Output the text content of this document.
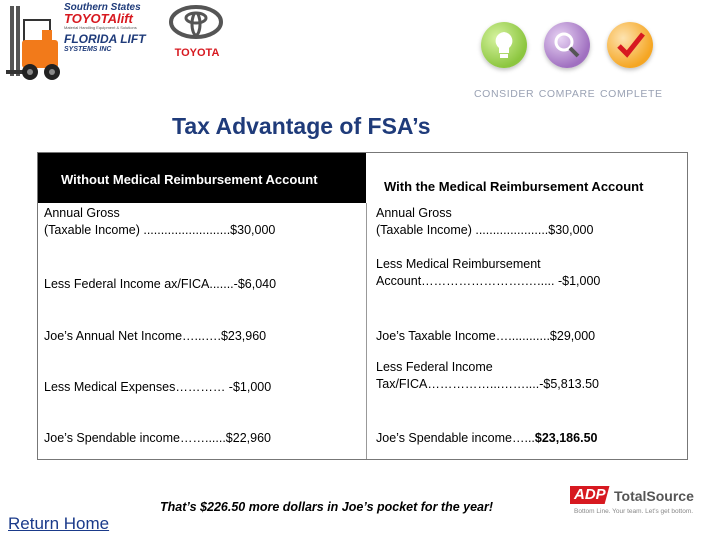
Southern States
TOYOTAlift
Material Handling Equipment & Solutions
FLORIDA LIFT
SYSTEMS INC	TOYOTA
CONSIDER COMPARE COMPLETE
Tax Advantage of FSA’s
Without Medical Reimbursement Account	With the Medical Reimbursement Account
Annual Gross
(Taxable Income) .........................$30,000
Less Federal Income ax/FICA.......-$6,040
Joe’s Annual Net Income…...….$23,960
Less Medical Expenses………… -$1,000
Joe’s Spendable income……......$22,960
Annual Gross
(Taxable Income) .....................$30,000
Less Medical Reimbursement
Account…………………….…..... -$1,000
Joe’s Taxable Income…............$29,000
Less Federal Income
Tax/FICA……………...……....-$5,813.50
Joe’s Spendable income…...$23,186.50
That’s $226.50 more dollars in Joe’s pocket for the year!
Return Home
ADP TotalSource
Bottom Line. Your team. Let's get bottom.
